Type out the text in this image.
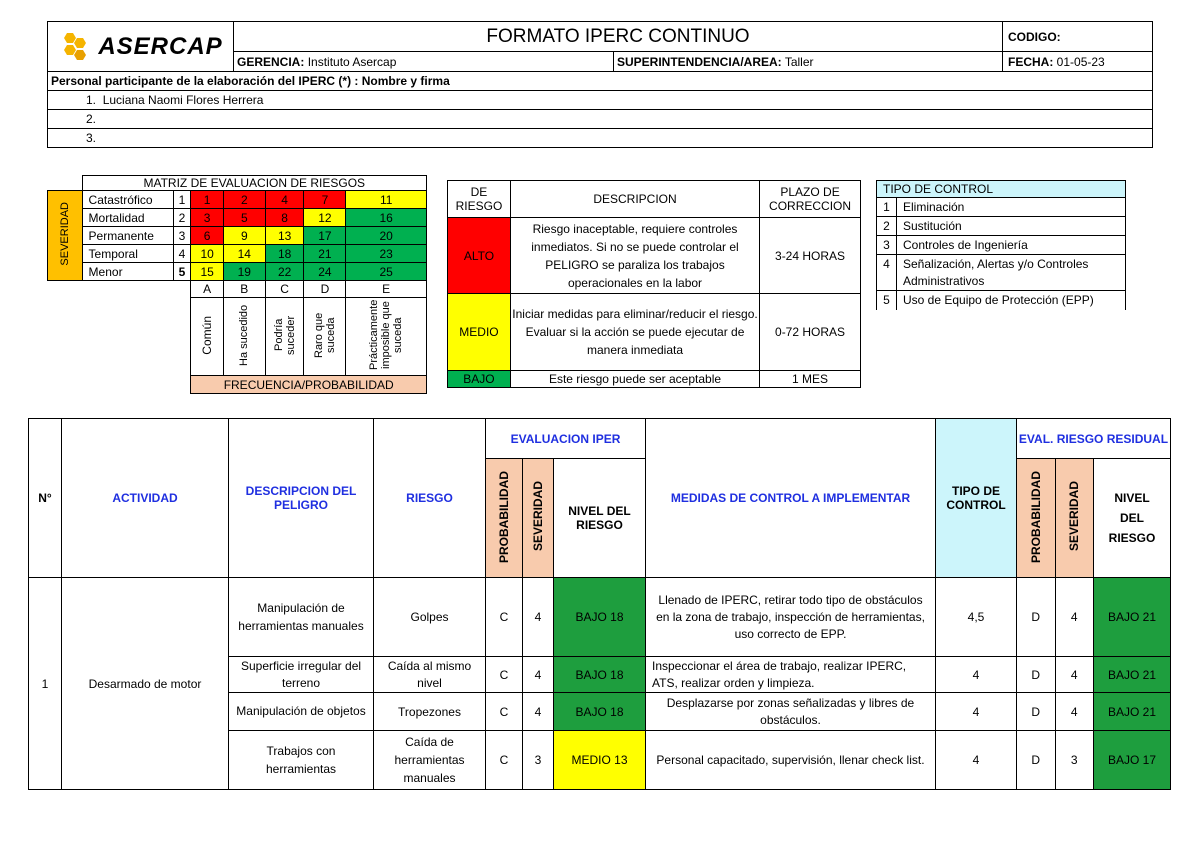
ASERCAP	FORMATO IPERC CONTINUO		CODIGO:
	GERENCIA: Instituto Asercap	SUPERINTENDENCIA/AREA: Taller	FECHA: 01-05-23
Personal participante de la elaboración del IPERC (*) : Nombre y firma			
1. Luciana Naomi Flores Herrera			
2.			
3.			
	MATRIZ DE EVALUACION DE RIESGOS						
SEVERIDAD	Catastrófico	1	1	2	4	7	11
	Mortalidad	2	3	5	8	12	16
	Permanente	3	6	9	13	17	20
	Temporal	4	10	14	18	21	23
	Menor	5	15	19	22	24	25
			A	B	C	D	E
			Común	Ha sucedido	Podría suceder	Raro que suceda	Prácticamente imposible que suceda
			FRECUENCIA/PROBABILIDAD				
DE RIESGO	DESCRIPCION	PLAZO DE CORRECCION
ALTO	Riesgo inaceptable, requiere controles inmediatos. Si no se puede controlar el PELIGRO se paraliza los trabajos operacionales en la labor	3-24 HORAS
MEDIO	Iniciar medidas para eliminar/reducir el riesgo. Evaluar si la acción se puede ejecutar de manera inmediata	0-72 HORAS
BAJO	Este riesgo puede ser aceptable	1 MES
TIPO DE CONTROL	
1	Eliminación
2	Sustitución
3	Controles de Ingeniería
4	Señalización, Alertas y/o Controles Administrativos
5	Uso de Equipo de Protección (EPP)
N°	ACTIVIDAD	DESCRIPCION DEL PELIGRO	RIESGO	EVALUACION IPER			MEDIDAS DE CONTROL A IMPLEMENTAR	TIPO DE CONTROL	EVAL. RIESGO RESIDUAL		
				PROBABILIDAD	SEVERIDAD	NIVEL DEL RIESGO			PROBABILIDAD	SEVERIDAD	NIVEL DEL RIESGO
1	Desarmado de motor	Manipulación de herramientas manuales	Golpes	C	4	BAJO 18	Llenado de IPERC, retirar todo tipo de obstáculos en la zona de trabajo, inspección de herramientas, uso correcto de EPP.	4,5	D	4	BAJO 21
		Superficie irregular del terreno	Caída al mismo nivel	C	4	BAJO 18	Inspeccionar el área de trabajo, realizar IPERC, ATS, realizar orden y limpieza.	4	D	4	BAJO 21
		Manipulación de objetos	Tropezones	C	4	BAJO 18	Desplazarse por zonas señalizadas y libres de obstáculos.	4	D	4	BAJO 21
		Trabajos con herramientas	Caída de herramientas manuales	C	3	MEDIO 13	Personal capacitado, supervisión, llenar check list.	4	D	3	BAJO 17
